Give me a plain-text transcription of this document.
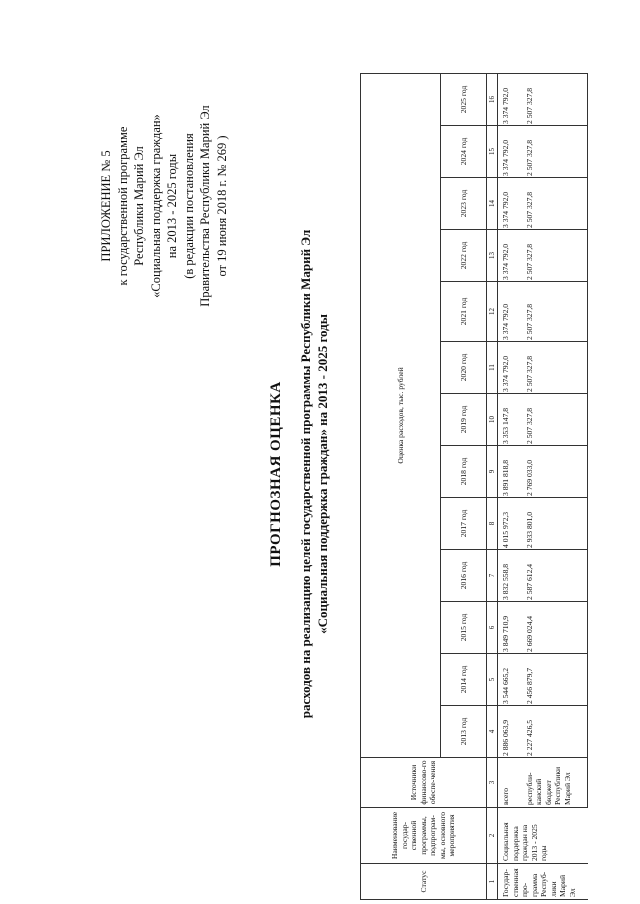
ПРИЛОЖЕНИЕ № 5 к государственной программе Республики Марий Эл «Социальная поддержка граждан» на 2013 - 2025 годы (в редакции постановления Правительства Республики Марий Эл от 19 июня 2018 г. № 269 )
ПРОГНОЗНАЯ ОЦЕНКА расходов на реализацию целей государственной программы Республики Марий Эл «Социальная поддержка граждан» на 2013 - 2025 годы
Статус	Наименование государ-ственной программы, подпрограм-мы, основного мероприятия	Источники финансово-го обеспе-чения	Оценка расходов, тыс. рублей												
			2013 год	2014 год	2015 год	2016 год	2017 год	2018 год	2019 год	2020 год	2021 год	2022 год	2023 год	2024 год	2025 год
1	2	3	4	5	6	7	8	9	10	11	12	13	14	15	16
Государ-ственная про-грамма Респуб-лики Марий Эл	Социальная поддержка граждан на 2013 - 2025 годы	всего	2 886 063,9	3 544 665,2	3 849 710,9	3 832 558,8	4 015 972,3	3 891 818,8	3 353 147,8	3 374 792,0	3 374 792,0	3 374 792,0	3 374 792,0	3 374 792,0	3 374 792,0
		республи-канский бюджет Республики Марий Эл	2 227 426,5	2 456 879,7	2 669 024,4	2 587 612,4	2 933 801,0	2 769 033,0	2 507 327,8	2 507 327,8	2 507 327,8	2 507 327,8	2 507 327,8	2 507 327,8	2 507 327,8
